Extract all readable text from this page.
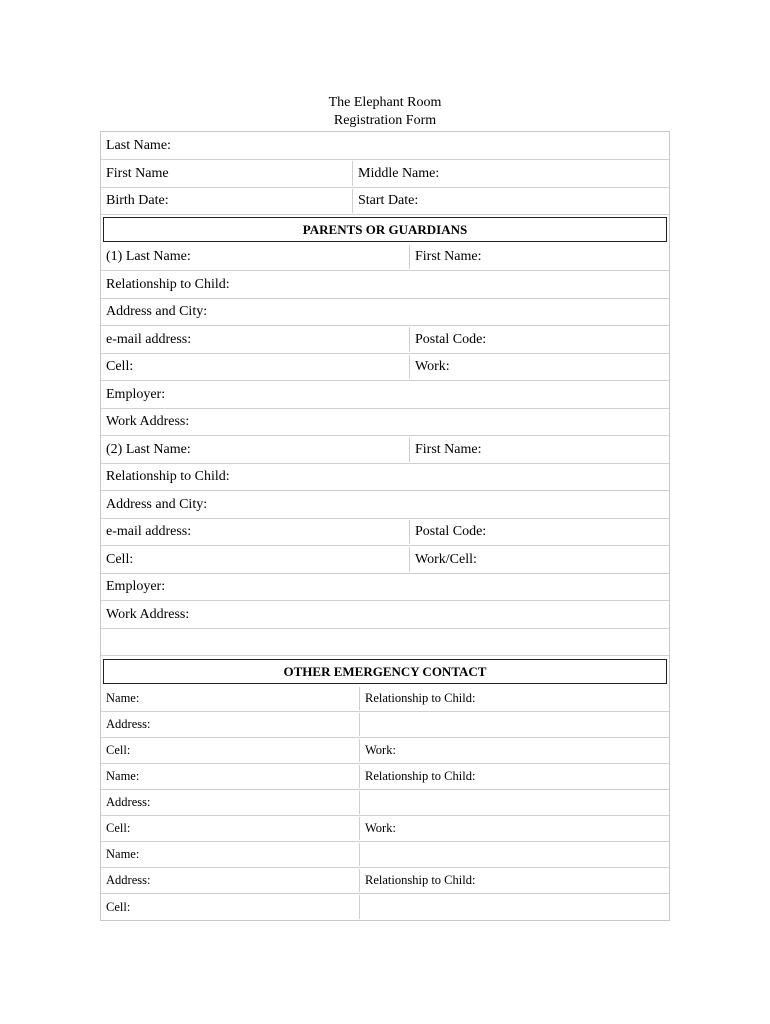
The Elephant Room
Registration Form
Last Name:
First Name	Middle Name:
Birth Date:	Start Date:
PARENTS OR GUARDIANS
(1) Last Name:	First Name:
Relationship to Child:
Address and City:
e-mail address:	Postal Code:
Cell:	Work:
Employer:
Work Address:
(2) Last Name:	First Name:
Relationship to Child:
Address and City:
e-mail address:	Postal Code:
Cell:	Work/Cell:
Employer:
Work Address:
OTHER EMERGENCY CONTACT
Name:	Relationship to Child:
Address:
Cell:	Work:
Name:	Relationship to Child:
Address:
Cell:	Work:
Name:
Address:	Relationship to Child:
Cell:
